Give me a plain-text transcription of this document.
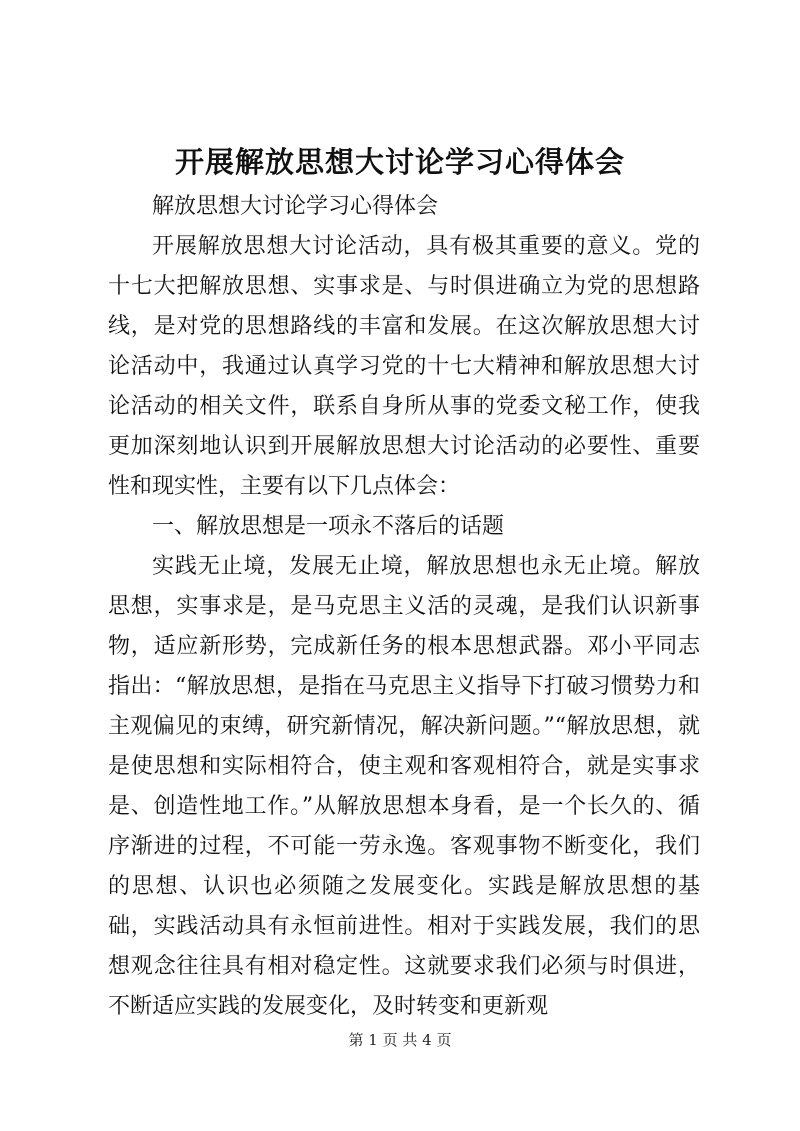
开展解放思想大讨论学习心得体会

解放思想大讨论学习心得体会

开展解放思想大讨论活动，具有极其重要的意义。党的十七大把解放思想、实事求是、与时俱进确立为党的思想路线，是对党的思想路线的丰富和发展。在这次解放思想大讨论活动中，我通过认真学习党的十七大精神和解放思想大讨论活动的相关文件，联系自身所从事的党委文秘工作，使我更加深刻地认识到开展解放思想大讨论活动的必要性、重要性和现实性，主要有以下几点体会：

一、解放思想是一项永不落后的话题

实践无止境，发展无止境，解放思想也永无止境。解放思想，实事求是，是马克思主义活的灵魂，是我们认识新事物，适应新形势，完成新任务的根本思想武器。邓小平同志指出：“解放思想，是指在马克思主义指导下打破习惯势力和主观偏见的束缚，研究新情况，解决新问题。”“解放思想，就是使思想和实际相符合，使主观和客观相符合，就是实事求是、创造性地工作。”从解放思想本身看，是一个长久的、循序渐进的过程，不可能一劳永逸。客观事物不断变化，我们的思想、认识也必须随之发展变化。实践是解放思想的基础，实践活动具有永恒前进性。相对于实践发展，我们的思想观念往往具有相对稳定性。这就要求我们必须与时俱进，不断适应实践的发展变化，及时转变和更新观

第 1 页 共 4 页
